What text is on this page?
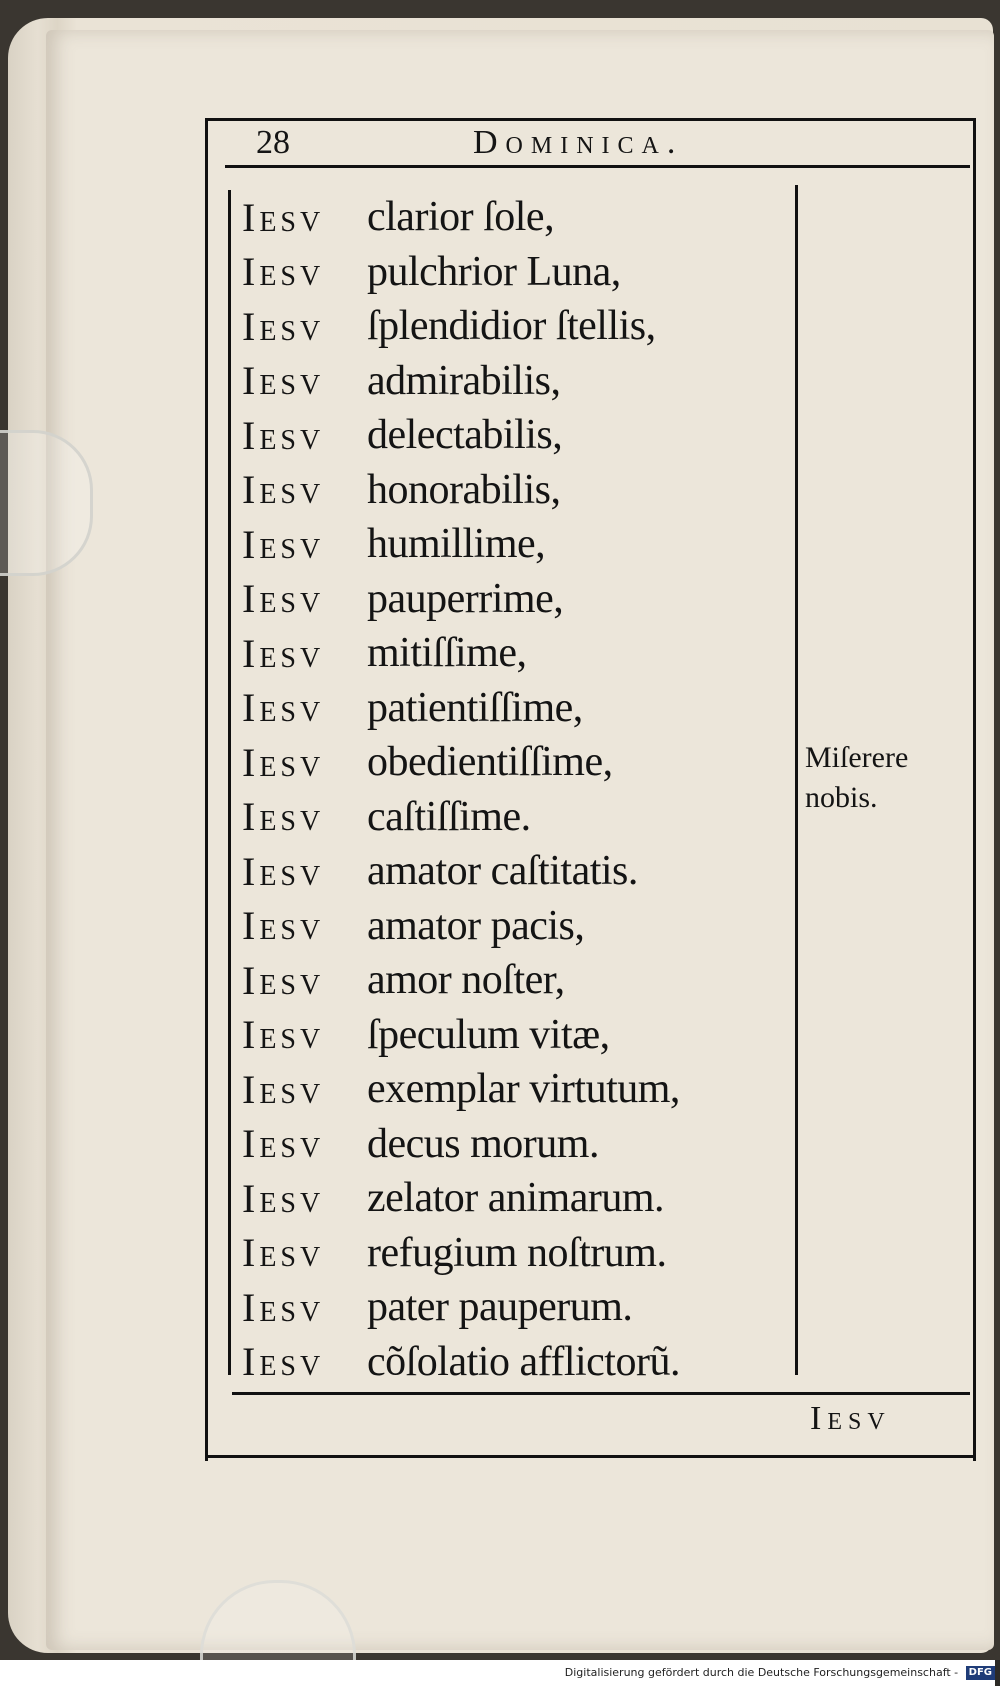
28	Dominica.
Iesv	clarior ſole,
Iesv	pulchrior Luna,
Iesv	ſplendidior ſtellis,
Iesv	admirabilis,
Iesv	delectabilis,
Iesv	honorabilis,
Iesv	humillime,
Iesv	pauperrime,
Iesv	mitiſſime,
Iesv	patientiſſime,
Iesv	obedientiſſime,
Iesv	caſtiſſime.
Iesv	amator caſtitatis.
Iesv	amator pacis,
Iesv	amor noſter,
Iesv	ſpeculum vitæ,
Iesv	exemplar virtutum,
Iesv	decus morum.
Iesv	zelator animarum.
Iesv	refugium noſtrum.
Iesv	pater pauperum.
Iesv	cõſolatio afflictorũ.
Miſerere
nobis.
Iesv
Digitalisierung gefördert durch die Deutsche Forschungsgemeinschaft - DFG
